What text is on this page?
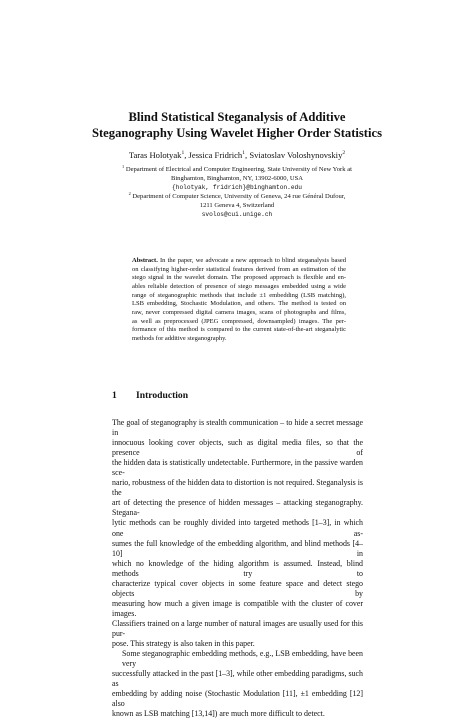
Blind Statistical Steganalysis of Additive
Steganography Using Wavelet Higher Order Statistics
Taras Holotyak$^1$, Jessica Fridrich$^1$, Sviatoslav Voloshynovskiy$^2$
$^1$ Department of Electrical and Computer Engineering, State University of New York at
Binghamton, Binghamton, NY, 13902-6000, USA
{holotyak, fridrich}@binghamton.edu
$^2$ Department of Computer Science, University of Geneva, 24 rue Général Dufour,
1211 Geneva 4, Switzerland
svolos@cui.unige.ch
Abstract. In the paper, we advocate a new approach to blind steganalysis based
on classifying higher-order statistical features derived from an estimation of the
stego signal in the wavelet domain. The proposed approach is flexible and en-
ables reliable detection of presence of stego messages embedded using a wide
range of steganographic methods that include ±1 embedding (LSB matching),
LSB embedding, Stochastic Modulation, and others. The method is tested on
raw, never compressed digital camera images, scans of photographs and films,
as well as preprocessed (JPEG compressed, downsampled) images. The per-
formance of this method is compared to the current state-of-the-art steganalytic
methods for additive steganography.
1 Introduction
The goal of steganography is stealth communication – to hide a secret message in
innocuous looking cover objects, such as digital media files, so that the presence of
the hidden data is statistically undetectable. Furthermore, in the passive warden sce-
nario, robustness of the hidden data to distortion is not required. Steganalysis is the
art of detecting the presence of hidden messages – attacking steganography. Stegana-
lytic methods can be roughly divided into targeted methods [1–3], in which one as-
sumes the full knowledge of the embedding algorithm, and blind methods [4–10] in
which no knowledge of the hiding algorithm is assumed. Instead, blind methods try to
characterize typical cover objects in some feature space and detect stego objects by
measuring how much a given image is compatible with the cluster of cover images.
Classifiers trained on a large number of natural images are usually used for this pur-
pose. This strategy is also taken in this paper.
Some steganographic embedding methods, e.g., LSB embedding, have been very
successfully attacked in the past [1–3], while other embedding paradigms, such as
embedding by adding noise (Stochastic Modulation [11], ±1 embedding [12] also
known as LSB matching [13,14]) are much more difficult to detect.
